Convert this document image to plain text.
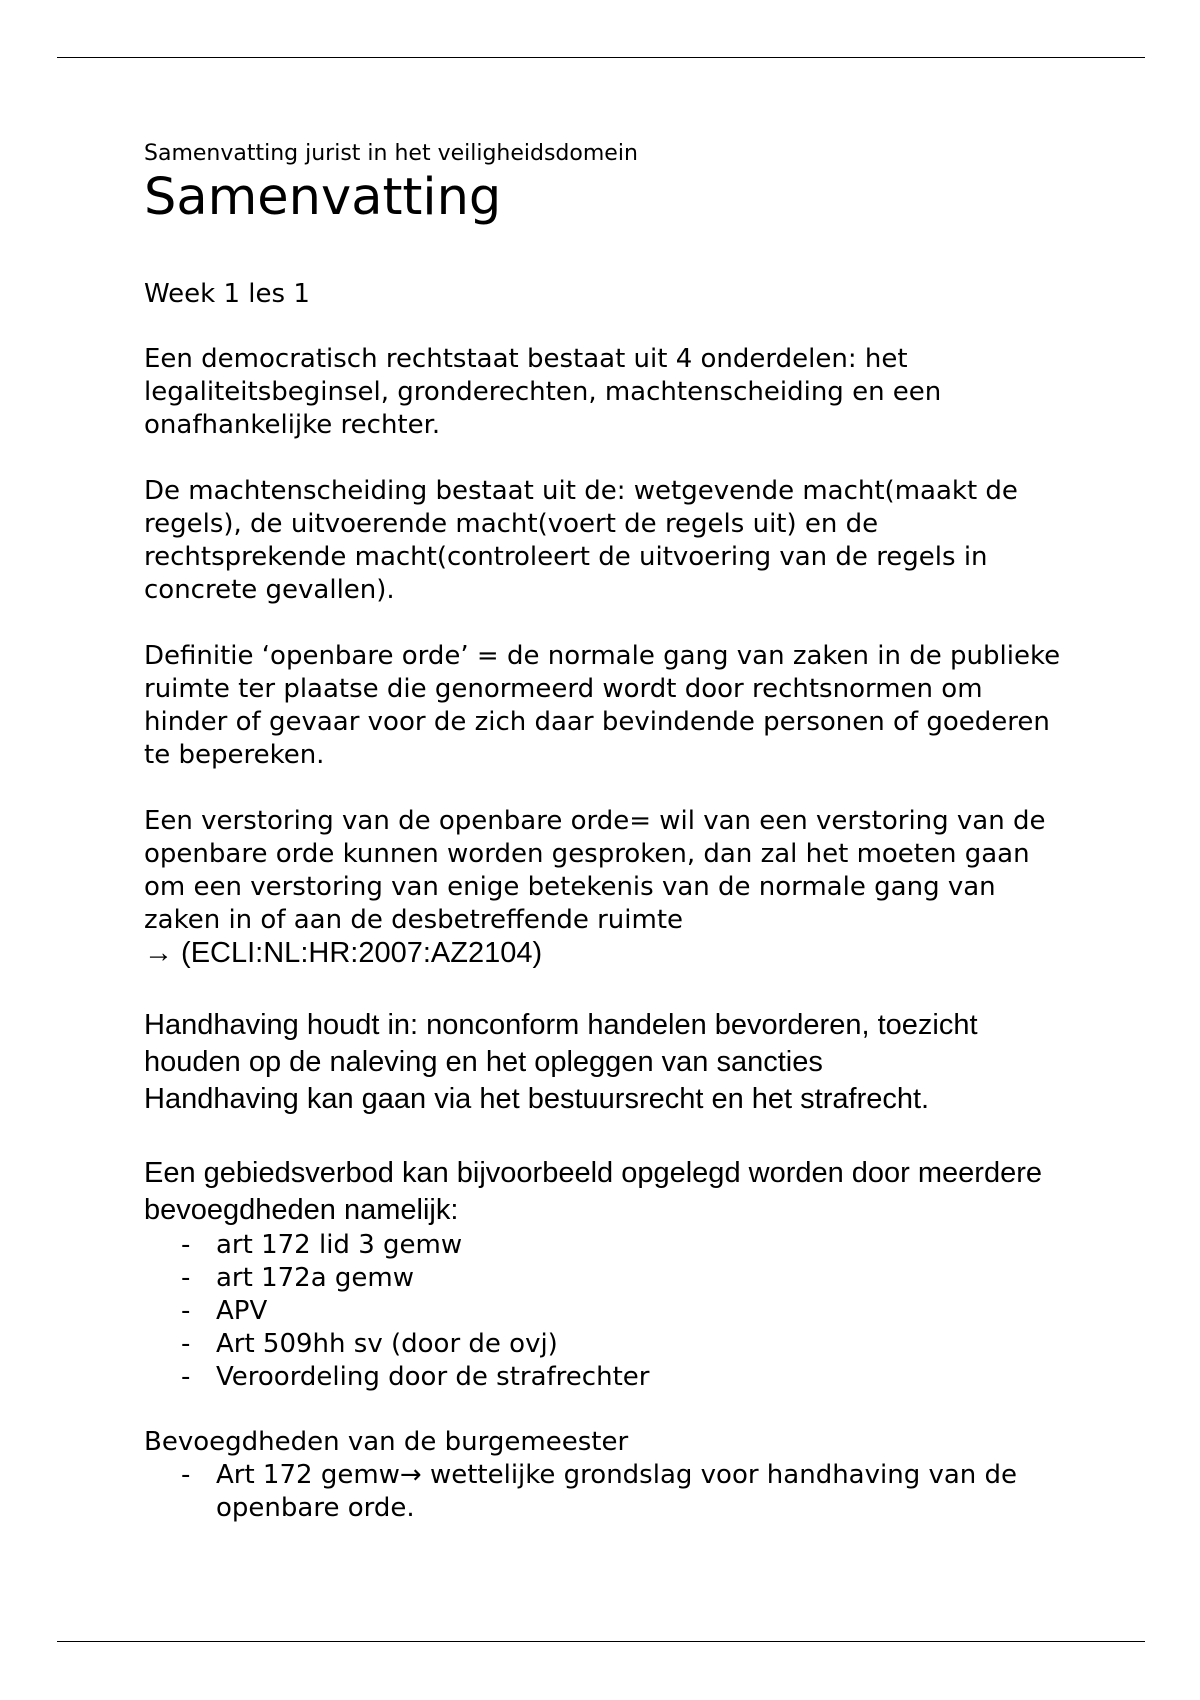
Samenvatting jurist in het veiligheidsdomein

Samenvatting

Week 1 les 1

Een democratisch rechtstaat bestaat uit 4 onderdelen: het legaliteitsbeginsel, gronderechten, machtenscheiding en een onafhankelijke rechter.

De machtenscheiding bestaat uit de: wetgevende macht(maakt de regels), de uitvoerende macht(voert de regels uit) en de rechtsprekende macht(controleert de uitvoering van de regels in concrete gevallen).

Definitie ‘openbare orde’ = de normale gang van zaken in de publieke ruimte ter plaatse die genormeerd wordt door rechtsnormen om hinder of gevaar voor de zich daar bevindende personen of goederen te bepereken.

Een verstoring van de openbare orde= wil van een verstoring van de openbare orde kunnen worden gesproken, dan zal het moeten gaan om een verstoring van enige betekenis van de normale gang van zaken in of aan de desbetreffende ruimte

→ (ECLI:NL:HR:2007:AZ2104)

Handhaving houdt in: nonconform handelen bevorderen, toezicht houden op de naleving en het opleggen van sancties

Handhaving kan gaan via het bestuursrecht en het strafrecht.

Een gebiedsverbod kan bijvoorbeeld opgelegd worden door meerdere bevoegdheden namelijk:

- art 172 lid 3 gemw
- art 172a gemw
- APV
- Art 509hh sv (door de ovj)
- Veroordeling door de strafrechter

Bevoegdheden van de burgemeester

- Art 172 gemw→ wettelijke grondslag voor handhaving van de openbare orde.
